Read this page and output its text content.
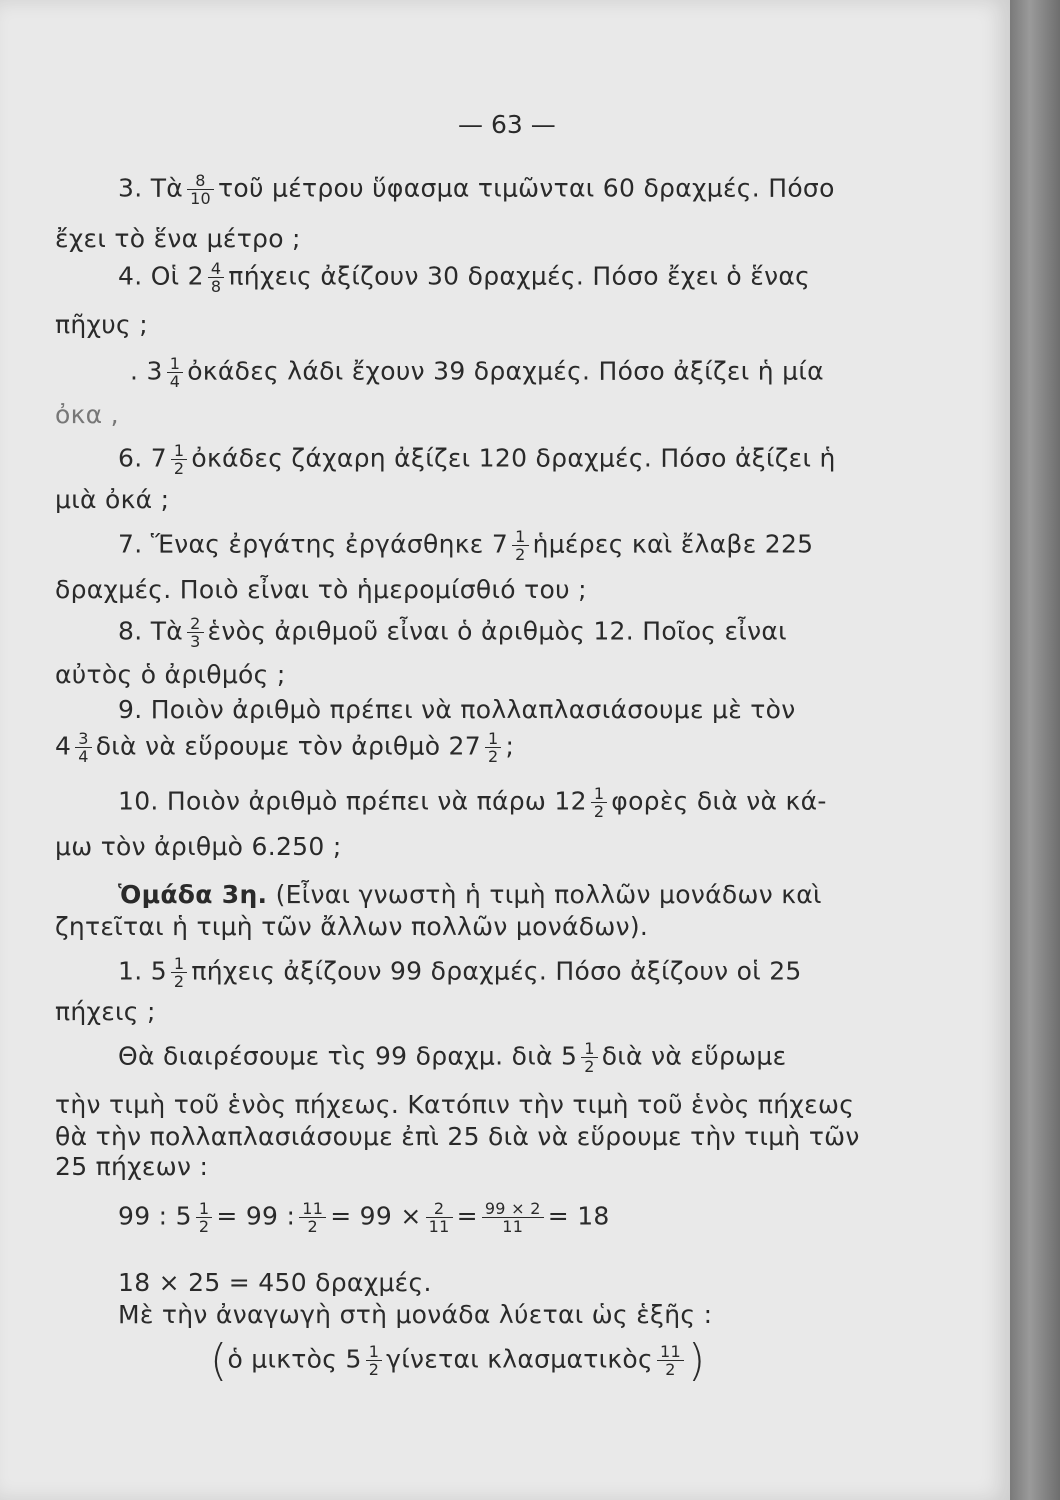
— 63 —
3. Τὰ $\frac{8}{10}$ τοῦ μέτρου ὕφασμα τιμῶνται 60 δραχμές. Πόσο
ἔχει τὸ ἕνα μέτρο ;
4. Οἱ $2 \frac{4}{8}$ πήχεις ἀξίζουν 30 δραχμές. Πόσο ἔχει ὁ ἕνας
πῆχυς ;
. $3 \frac{1}{4}$ ὀκάδες λάδι ἔχουν 39 δραχμές. Πόσο ἀξίζει ἡ μία
ὀκα ,
6. $7 \frac{1}{2}$ ὀκάδες ζάχαρη ἀξίζει 120 δραχμές. Πόσο ἀξίζει ἡ
μιὰ ὀκά ;
7. Ἕνας ἐργάτης ἐργάσθηκε $7 \frac{1}{2}$ ἡμέρες καὶ ἔλαβε 225
δραχμές. Ποιὸ εἶναι τὸ ἡμερομίσθιό του ;
8. Τὰ $\frac{2}{3}$ ἑνὸς ἀριθμοῦ εἶναι ὁ ἀριθμὸς 12. Ποῖος εἶναι
αὐτὸς ὁ ἀριθμός ;
9. Ποιὸν ἀριθμὸ πρέπει νὰ πολλαπλασιάσουμε μὲ τὸν
$4 \frac{3}{4}$ διὰ νὰ εὕρουμε τὸν ἀριθμὸ $27 \frac{1}{2}$ ;
10. Ποιὸν ἀριθμὸ πρέπει νὰ πάρω $12 \frac{1}{2}$ φορὲς διὰ νὰ κά-
μω τὸν ἀριθμὸ 6.250 ;
Ὁμάδα 3η. (Εἶναι γνωστὴ ἡ τιμὴ πολλῶν μονάδων καὶ
ζητεῖται ἡ τιμὴ τῶν ἄλλων πολλῶν μονάδων).
1. $5 \frac{1}{2}$ πήχεις ἀξίζουν 99 δραχμές. Πόσο ἀξίζουν οἱ 25
πήχεις ;
Θὰ διαιρέσουμε τὶς 99 δραχμ. διὰ $5 \frac{1}{2}$ διὰ νὰ εὕρωμε
τὴν τιμὴ τοῦ ἑνὸς πήχεως. Κατόπιν τὴν τιμὴ τοῦ ἑνὸς πήχεως
θὰ τὴν πολλαπλασιάσουμε ἐπὶ 25 διὰ νὰ εὕρουμε τὴν τιμὴ τῶν
25 πήχεων :
99 : $5 \frac{1}{2} = 99$ : $\frac{11}{2} = 99 \times \frac{2}{11} = \frac{99 \times 2}{11} = 18$
18 × 25 = 450 δραχμές.
Μὲ τὴν ἀναγωγὴ στὴ μονάδα λύεται ὡς ἑξῆς :
(ὁ μικτὸς $5 \frac{1}{2}$ γίνεται κλασματικὸς $\frac{11}{2}$ )
